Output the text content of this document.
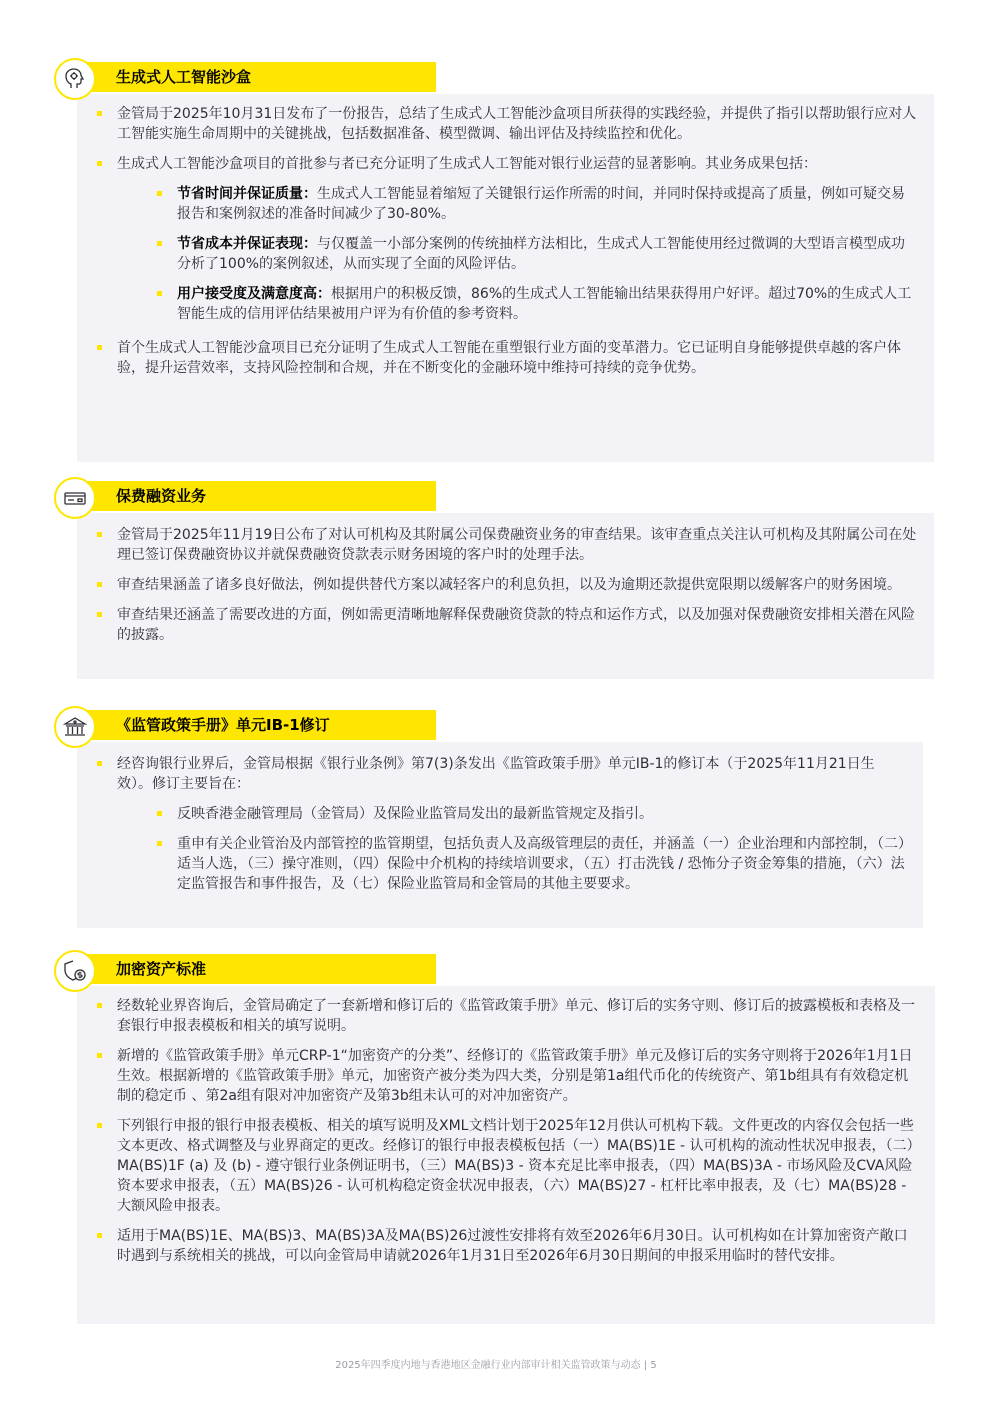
生成式人工智能沙盒
金管局于2025年10月31日发布了一份报告，总结了生成式人工智能沙盒项目所获得的实践经验，并提供了指引以帮助银行应对人工智能实施生命周期中的关键挑战，包括数据准备、模型微调、输出评估及持续监控和优化。
生成式人工智能沙盒项目的首批参与者已充分证明了生成式人工智能对银行业运营的显著影响。其业务成果包括：
节省时间并保证质量：生成式人工智能显着缩短了关键银行运作所需的时间，并同时保持或提高了质量，例如可疑交易报告和案例叙述的准备时间减少了30-80%。
节省成本并保证表现：与仅覆盖一小部分案例的传统抽样方法相比，生成式人工智能使用经过微调的大型语言模型成功分析了100%的案例叙述，从而实现了全面的风险评估。
用户接受度及满意度高：根据用户的积极反馈，86%的生成式人工智能输出结果获得用户好评。超过70%的生成式人工智能生成的信用评估结果被用户评为有价值的参考资料。
首个生成式人工智能沙盒项目已充分证明了生成式人工智能在重塑银行业方面的变革潜力。它已证明自身能够提供卓越的客户体验，提升运营效率，支持风险控制和合规，并在不断变化的金融环境中维持可持续的竞争优势。
保费融资业务
金管局于2025年11月19日公布了对认可机构及其附属公司保费融资业务的审查结果。该审查重点关注认可机构及其附属公司在处理已签订保费融资协议并就保费融资贷款表示财务困境的客户时的处理手法。
审查结果涵盖了诸多良好做法，例如提供替代方案以减轻客户的利息负担，以及为逾期还款提供宽限期以缓解客户的财务困境。
审查结果还涵盖了需要改进的方面，例如需更清晰地解释保费融资贷款的特点和运作方式，以及加强对保费融资安排相关潜在风险的披露。
《监管政策手册》单元IB-1修订
经咨询银行业界后，金管局根据《银行业条例》第7(3)条发出《监管政策手册》单元IB-1的修订本（于2025年11月21日生效）。修订主要旨在：
反映香港金融管理局（金管局）及保险业监管局发出的最新监管规定及指引。
重申有关企业管治及内部管控的监管期望，包括负责人及高级管理层的责任，并涵盖（一）企业治理和内部控制，（二）适当人选，（三）操守准则，（四）保险中介机构的持续培训要求，（五）打击洗钱 / 恐怖分子资金筹集的措施，（六）法定监管报告和事件报告，及（七）保险业监管局和金管局的其他主要要求。
加密资产标准
经数轮业界咨询后，金管局确定了一套新增和修订后的《监管政策手册》单元、修订后的实务守则、修订后的披露模板和表格及一套银行申报表模板和相关的填写说明。
新增的《监管政策手册》单元CRP-1“加密资产的分类”、经修订的《监管政策手册》单元及修订后的实务守则将于2026年1月1日生效。根据新增的《监管政策手册》单元，加密资产被分类为四大类，分别是第1a组代币化的传统资产、第1b组具有有效稳定机制的稳定币 、第2a组有限对冲加密资产及第3b组未认可的对冲加密资产。
下列银行申报的银行申报表模板、相关的填写说明及XML文档计划于2025年12月供认可机构下载。文件更改的内容仅会包括一些文本更改、格式调整及与业界商定的更改。经修订的银行申报表模板包括（一）MA(BS)1E - 认可机构的流动性状况申报表，（二）MA(BS)1F (a) 及 (b) - 遵守银行业条例证明书，（三）MA(BS)3 - 资本充足比率申报表，（四）MA(BS)3A - 市场风险及CVA风险资本要求申报表，（五）MA(BS)26 - 认可机构稳定资金状况申报表，（六）MA(BS)27 - 杠杆比率申报表，及（七）MA(BS)28 - 大额风险申报表。
适用于MA(BS)1E、MA(BS)3、MA(BS)3A及MA(BS)26过渡性安排将有效至2026年6月30日。认可机构如在计算加密资产敞口时遇到与系统相关的挑战，可以向金管局申请就2026年1月31日至2026年6月30日期间的申报采用临时的替代安排。
2025年四季度内地与香港地区金融行业内部审计相关监管政策与动态 | 5
